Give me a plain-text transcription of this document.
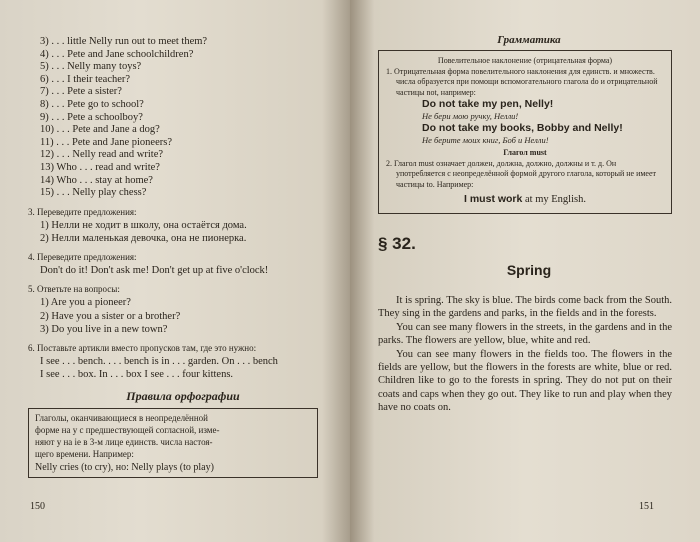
3) . . . little Nelly run out to meet them?
4) . . . Pete and Jane schoolchildren?
5) . . . Nelly many toys?
6) . . . I their teacher?
7) . . . Pete a sister?
8) . . . Pete go to school?
9) . . . Pete a schoolboy?
10) . . . Pete and Jane a dog?
11) . . . Pete and Jane pioneers?
12) . . . Nelly read and write?
13) Who . . . read and write?
14) Who . . . stay at home?
15) . . . Nelly play chess?
3. Переведите предложения:
1) Нелли не ходит в школу, она остаётся дома.
2) Нелли маленькая девочка, она не пионерка.
4. Переведите предложения:
Don't do it! Don't ask me! Don't get up at five o'clock!
5. Ответьте на вопросы:
1) Are you a pioneer?
2) Have you a sister or a brother?
3) Do you live in a new town?
6. Поставьте артикли вместо пропусков там, где это нужно:
I see . . . bench. . . . bench is in . . . garden. On . . . bench
I see . . . box. In . . . box I see . . . four kittens.
Правила орфографии
Глаголы, оканчивающиеся в неопределённой
форме на y с предшествующей согласной, изме-
няют y на ie в 3-м лице единств. числа настоя-
щего времени. Например:
Nelly cries (to cry), но: Nelly plays (to play)
150
Грамматика
Повелительное наклонение (отрицательная форма)
1. Отрицательная форма повелительного наклонения для единств. и множеств. числа образуется при помощи вспомогательного глагола do и отрицательной частицы not, например:
Do not take my pen, Nelly!
Не бери мою ручку, Нелли!
Do not take my books, Bobby and Nelly!
Не берите моих книг, Боб и Нелли!
Глагол must
2. Глагол must означает должен, должна, должно, должны и т. д. Он употребляется с неопределённой формой другого глагола, который не имеет частицы to. Например:
I must work at my English.
§ 32.
Spring
It is spring. The sky is blue. The birds come back from the South. They sing in the gardens and parks, in the fields and in the forests.
You can see many flowers in the streets, in the gardens and in the parks. The flowers are yellow, blue, white and red.
You can see many flowers in the fields too. The flowers in the fields are yellow, but the flowers in the forests are white, blue or red. Children like to go to the forests in spring. They do not put on their coats and caps when they go out. They like to run and play when they have no coats on.
151
